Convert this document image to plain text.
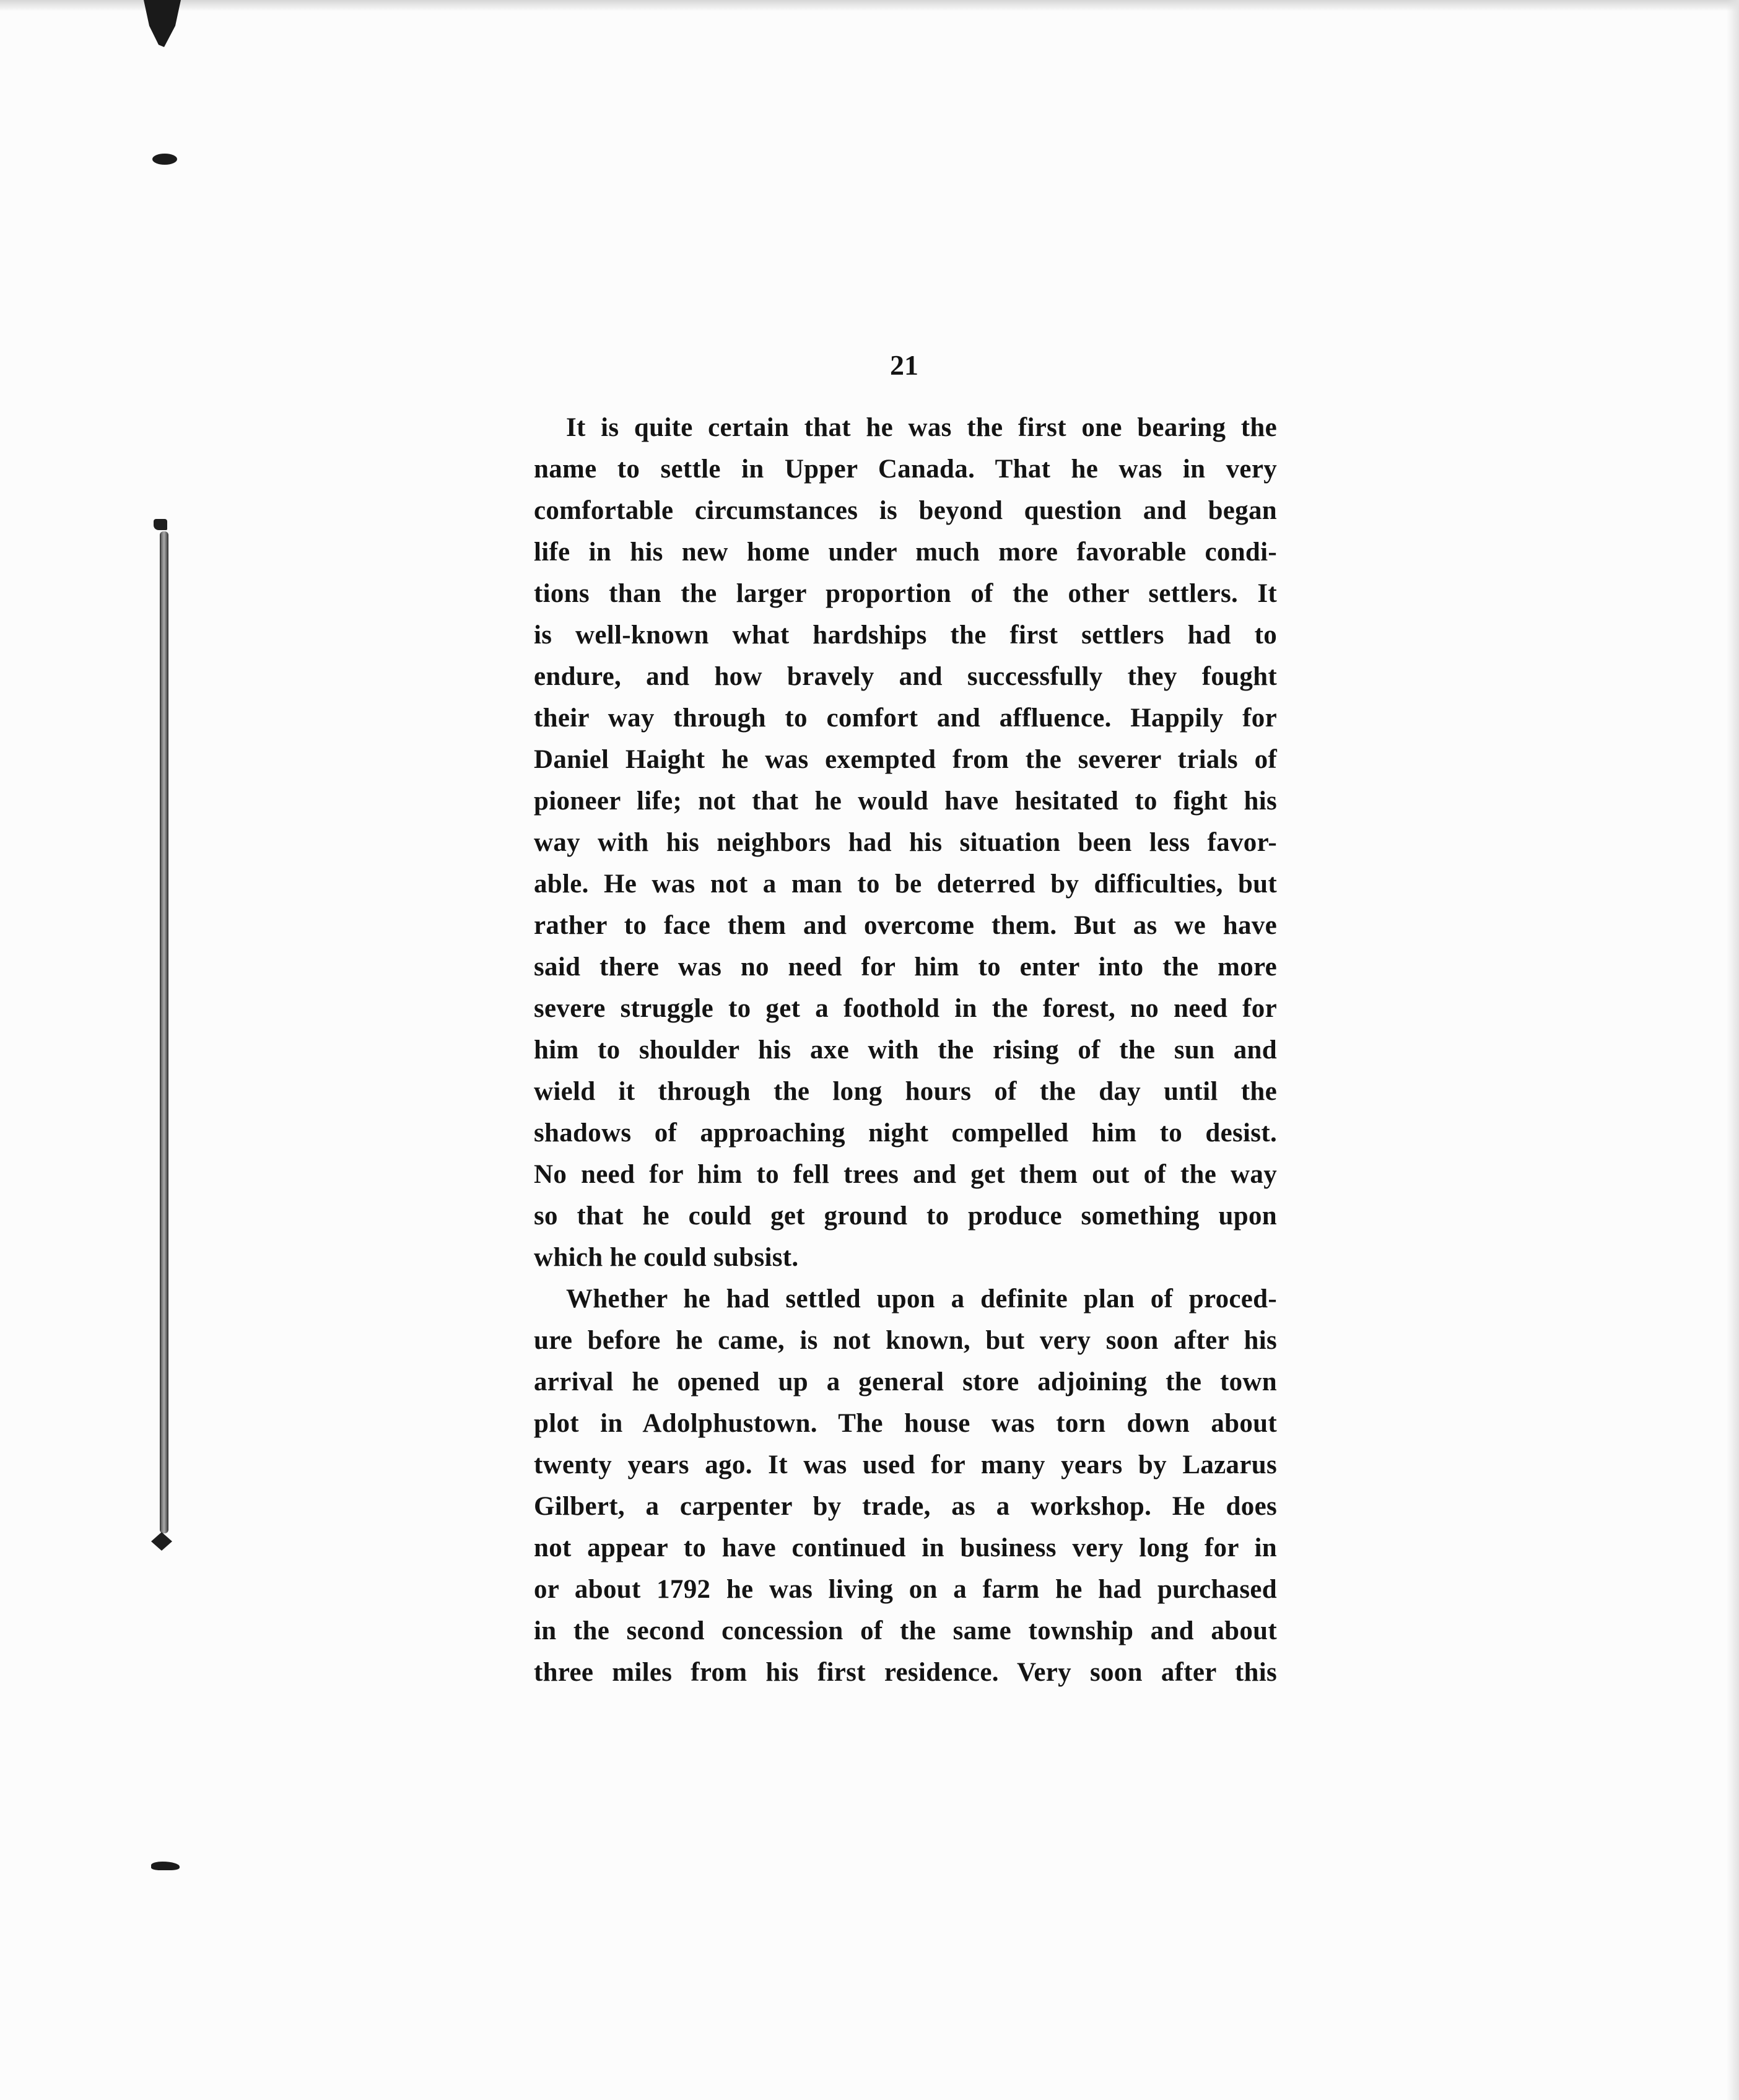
21
It is quite certain that he was the first one bearing the
name to settle in Upper Canada. That he was in very
comfortable circumstances is beyond question and began
life in his new home under much more favorable condi-
tions than the larger proportion of the other settlers. It
is well-known what hardships the first settlers had to
endure, and how bravely and successfully they fought
their way through to comfort and affluence. Happily for
Daniel Haight he was exempted from the severer trials of
pioneer life; not that he would have hesitated to fight his
way with his neighbors had his situation been less favor-
able. He was not a man to be deterred by difficulties, but
rather to face them and overcome them. But as we have
said there was no need for him to enter into the more
severe struggle to get a foothold in the forest, no need for
him to shoulder his axe with the rising of the sun and
wield it through the long hours of the day until the
shadows of approaching night compelled him to desist.
No need for him to fell trees and get them out of the way
so that he could get ground to produce something upon
which he could subsist.
Whether he had settled upon a definite plan of proced-
ure before he came, is not known, but very soon after his
arrival he opened up a general store adjoining the town
plot in Adolphustown. The house was torn down about
twenty years ago. It was used for many years by Lazarus
Gilbert, a carpenter by trade, as a workshop. He does
not appear to have continued in business very long for in
or about 1792 he was living on a farm he had purchased
in the second concession of the same township and about
three miles from his first residence. Very soon after this
